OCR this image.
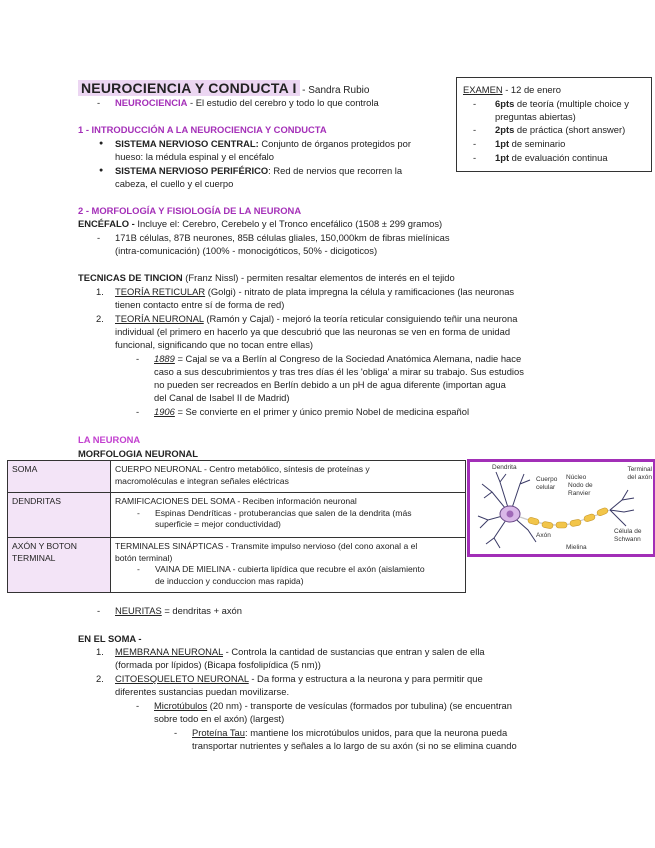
NEUROCIENCIA Y CONDUCTA I - Sandra Rubio
NEUROCIENCIA - El estudio del cerebro y todo lo que controla
EXAMEN - 12 de enero
- 6pts de teoría (multiple choice y
preguntas abiertas)
- 2pts de práctica (short answer)
- 1pt de seminario
- 1pt de evaluación continua
1 - INTRODUCCIÓN A LA NEUROCIENCIA Y CONDUCTA
● SISTEMA NERVIOSO CENTRAL: Conjunto de órganos protegidos por
hueso: la médula espinal y el encéfalo
● SISTEMA NERVIOSO PERIFÉRICO: Red de nervios que recorren la
cabeza, el cuello y el cuerpo
2 - MORFOLOGÍA Y FISIOLOGÍA DE LA NEURONA
ENCÉFALO - Incluye el: Cerebro, Cerebelo y el Tronco encefálico (1508 ± 299 gramos)
- 171B células, 87B neurones, 85B células gliales, 150,000km de fibras mielínicas
(intra-comunicación) (100% - monocigóticos, 50% - dicigoticos)
TECNICAS DE TINCION (Franz Nissl) - permiten resaltar elementos de interés en el tejido
1. TEORÍA RETICULAR (Golgi) - nitrato de plata impregna la célula y ramificaciones (las neuronas
tienen contacto entre sí de forma de red)
2. TEORÍA NEURONAL (Ramón y Cajal) - mejoró la teoría reticular consiguiendo teñir una neurona
individual (el primero en hacerlo ya que descubrió que las neuronas se ven en forma de unidad
funcional, significando que no tocan entre ellas)
- 1889 = Cajal se va a Berlín al Congreso de la Sociedad Anatómica Alemana, nadie hace
caso a sus descubrimientos y tras tres días él les 'obliga' a mirar su trabajo. Sus estudios
no pueden ser recreados en Berlín debido a un pH de agua diferente (importan agua
del Canal de Isabel II de Madrid)
- 1906 = Se convierte en el primer y único premio Nobel de medicina español
LA NEURONA
MORFOLOGIA NEURONAL
SOMA	CUERPO NEURONAL - Centro metabólico, síntesis de proteínas y
macromoléculas e integran señales eléctricas

DENDRITAS	RAMIFICACIONES DEL SOMA - Reciben información neuronal
- Espinas Dendríticas - protuberancias que salen de la dendrita (más
superficie = mejor conductividad)

AXÓN Y BOTON TERMINAL	TERMINALES SINÁPTICAS - Transmite impulso nervioso (del cono axonal a el
botón terminal)
- VAINA DE MIELINA - cubierta lipídica que recubre el axón (aislamiento
de induccion y conduccion mas rapida)
Dendrita
Cuerpo celular
Núcleo
Nodo de Ranvier
Terminal del axón
Axón
Célula de Schwann
Mielina
- NEURITAS = dendritas + axón
EN EL SOMA -
1. MEMBRANA NEURONAL - Controla la cantidad de sustancias que entran y salen de ella
(formada por lípidos) (Bicapa fosfolipídica (5 nm))
2. CITOESQUELETO NEURONAL - Da forma y estructura a la neurona y para permitir que
diferentes sustancias puedan movilizarse.
- Microtúbulos (20 nm) - transporte de vesículas (formados por tubulina) (se encuentran
sobre todo en el axón) (largest)
- Proteína Tau: mantiene los microtúbulos unidos, para que la neurona pueda
transportar nutrientes y señales a lo largo de su axón (si no se elimina cuando
